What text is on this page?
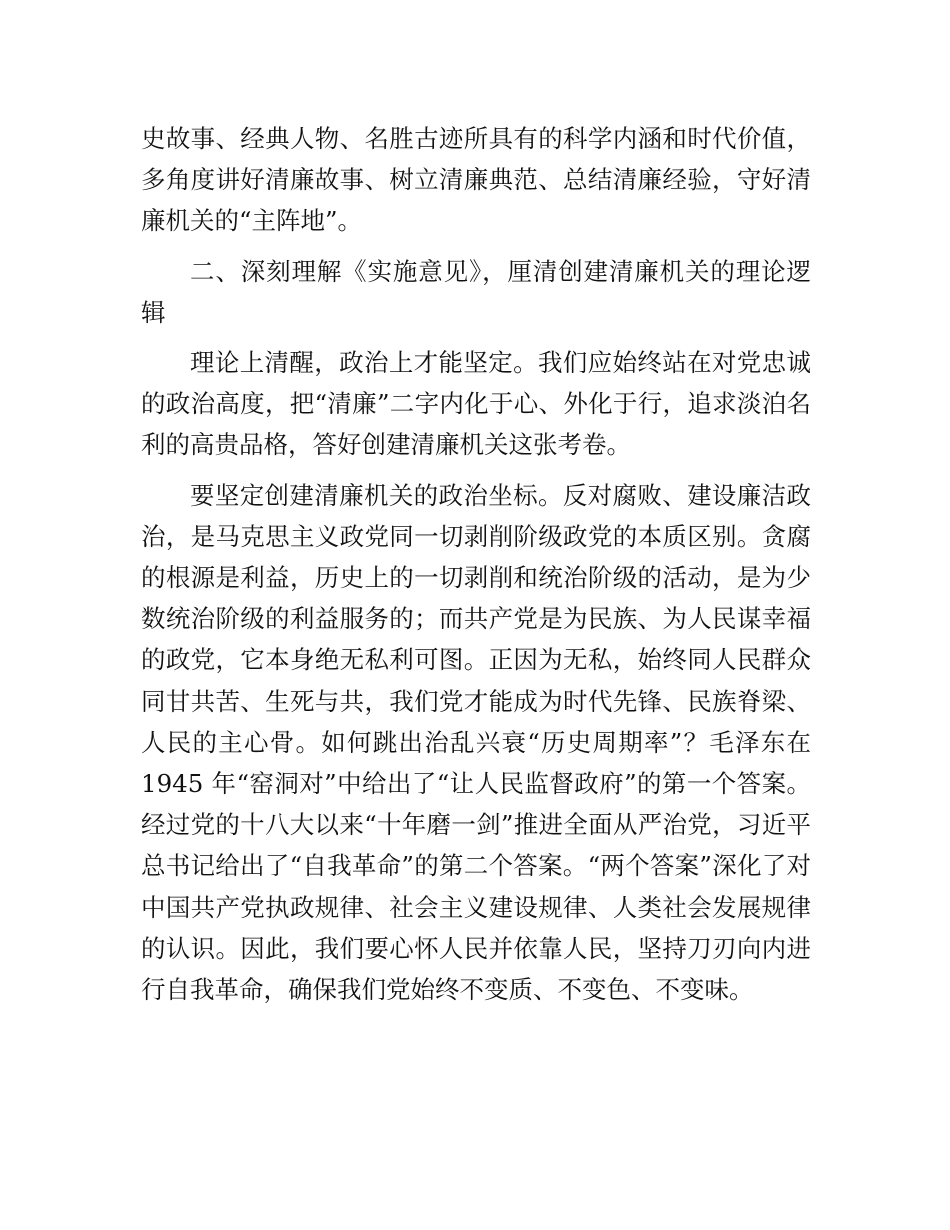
史故事、经典人物、名胜古迹所具有的科学内涵和时代价值，多角度讲好清廉故事、树立清廉典范、总结清廉经验，守好清廉机关的“主阵地”。

二、深刻理解《实施意见》，厘清创建清廉机关的理论逻辑

理论上清醒，政治上才能坚定。我们应始终站在对党忠诚的政治高度，把“清廉”二字内化于心、外化于行，追求淡泊名利的高贵品格，答好创建清廉机关这张考卷。

要坚定创建清廉机关的政治坐标。反对腐败、建设廉洁政治，是马克思主义政党同一切剥削阶级政党的本质区别。贪腐的根源是利益，历史上的一切剥削和统治阶级的活动，是为少数统治阶级的利益服务的；而共产党是为民族、为人民谋幸福的政党，它本身绝无私利可图。正因为无私，始终同人民群众同甘共苦、生死与共，我们党才能成为时代先锋、民族脊梁、人民的主心骨。如何跳出治乱兴衰“历史周期率”？毛泽东在 1945 年“窑洞对”中给出了“让人民监督政府”的第一个答案。经过党的十八大以来“十年磨一剑”推进全面从严治党，习近平总书记给出了“自我革命”的第二个答案。“两个答案”深化了对中国共产党执政规律、社会主义建设规律、人类社会发展规律的认识。因此，我们要心怀人民并依靠人民，坚持刀刃向内进行自我革命，确保我们党始终不变质、不变色、不变味。
